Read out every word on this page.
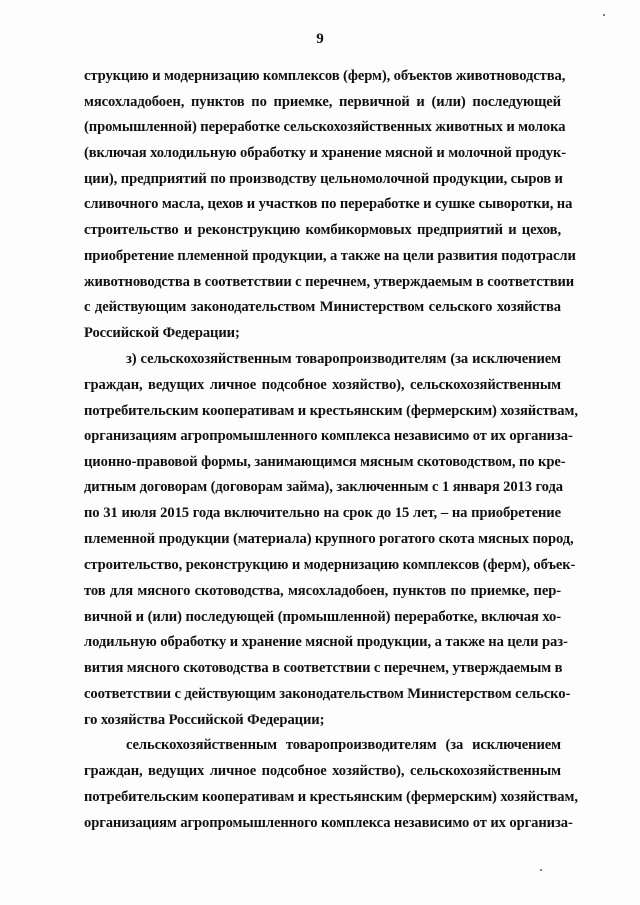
9
струкцию и модернизацию комплексов (ферм), объектов животноводства,
мясохладобоен, пунктов по приемке, первичной и (или) последующей
(промышленной) переработке сельскохозяйственных животных и молока
(включая холодильную обработку и хранение мясной и молочной продук-
ции), предприятий по производству цельномолочной продукции, сыров и
сливочного масла, цехов и участков по переработке и сушке сыворотки, на
строительство и реконструкцию комбикормовых предприятий и цехов,
приобретение племенной продукции, а также на цели развития подотрасли
животноводства в соответствии с перечнем, утверждаемым в соответствии
с действующим законодательством Министерством сельского хозяйства
Российской Федерации;
з) сельскохозяйственным товаропроизводителям (за исключением
граждан, ведущих личное подсобное хозяйство), сельскохозяйственным
потребительским кооперативам и крестьянским (фермерским) хозяйствам,
организациям агропромышленного комплекса независимо от их организа-
ционно-правовой формы, занимающимся мясным скотоводством, по кре-
дитным договорам (договорам займа), заключенным с 1 января 2013 года
по 31 июля 2015 года включительно на срок до 15 лет, – на приобретение
племенной продукции (материала) крупного рогатого скота мясных пород,
строительство, реконструкцию и модернизацию комплексов (ферм), объек-
тов для мясного скотоводства, мясохладобоен, пунктов по приемке, пер-
вичной и (или) последующей (промышленной) переработке, включая хо-
лодильную обработку и хранение мясной продукции, а также на цели раз-
вития мясного скотоводства в соответствии с перечнем, утверждаемым в
соответствии с действующим законодательством Министерством сельско-
го хозяйства Российской Федерации;
сельскохозяйственным товаропроизводителям (за исключением
граждан, ведущих личное подсобное хозяйство), сельскохозяйственным
потребительским кооперативам и крестьянским (фермерским) хозяйствам,
организациям агропромышленного комплекса независимо от их организа-
